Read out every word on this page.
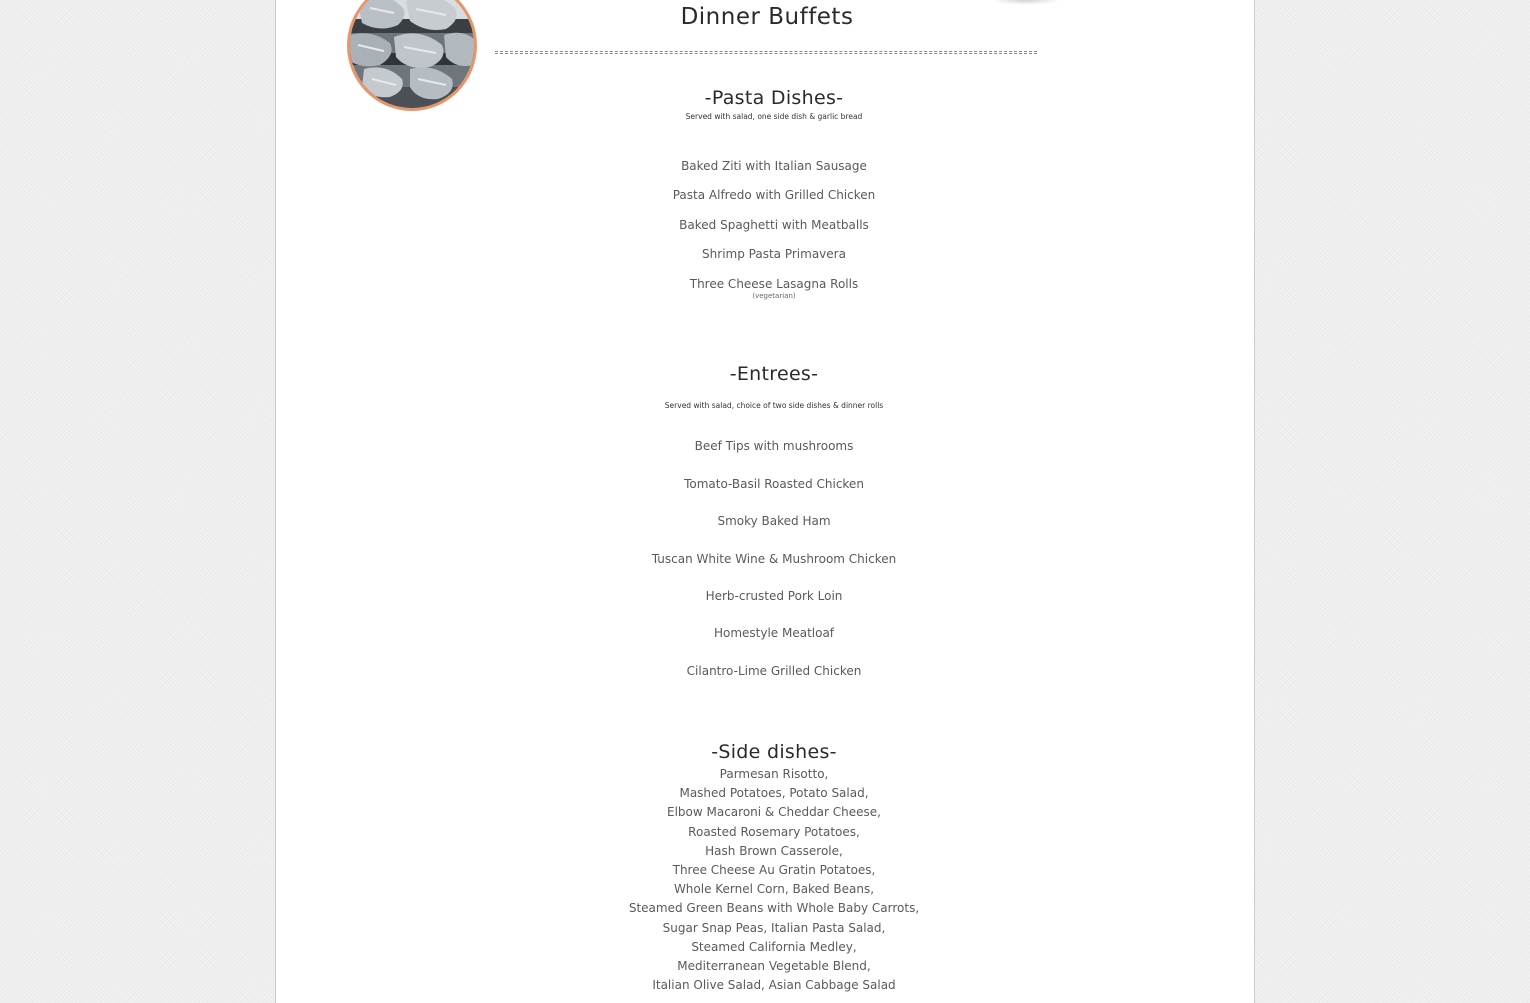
Dinner Buffets
-Pasta Dishes-

Served with salad, one side dish & garlic bread

Baked Ziti with Italian Sausage

Pasta Alfredo with Grilled Chicken

Baked Spaghetti with Meatballs

Shrimp Pasta Primavera

Three Cheese Lasagna Rolls

(vegetarian)
-Entrees-

Served with salad, choice of two side dishes & dinner rolls

Beef Tips with mushrooms

Tomato-Basil Roasted Chicken

Smoky Baked Ham

Tuscan White Wine & Mushroom Chicken

Herb-crusted Pork Loin

Homestyle Meatloaf

Cilantro-Lime Grilled Chicken

-Side dishes-

Parmesan Risotto,

Mashed Potatoes, Potato Salad,

Elbow Macaroni & Cheddar Cheese,

Roasted Rosemary Potatoes,

Hash Brown Casserole,

Three Cheese Au Gratin Potatoes,

Whole Kernel Corn, Baked Beans,

Steamed Green Beans with Whole Baby Carrots,

Sugar Snap Peas, Italian Pasta Salad,

Steamed California Medley,

Mediterranean Vegetable Blend,

Italian Olive Salad, Asian Cabbage Salad
